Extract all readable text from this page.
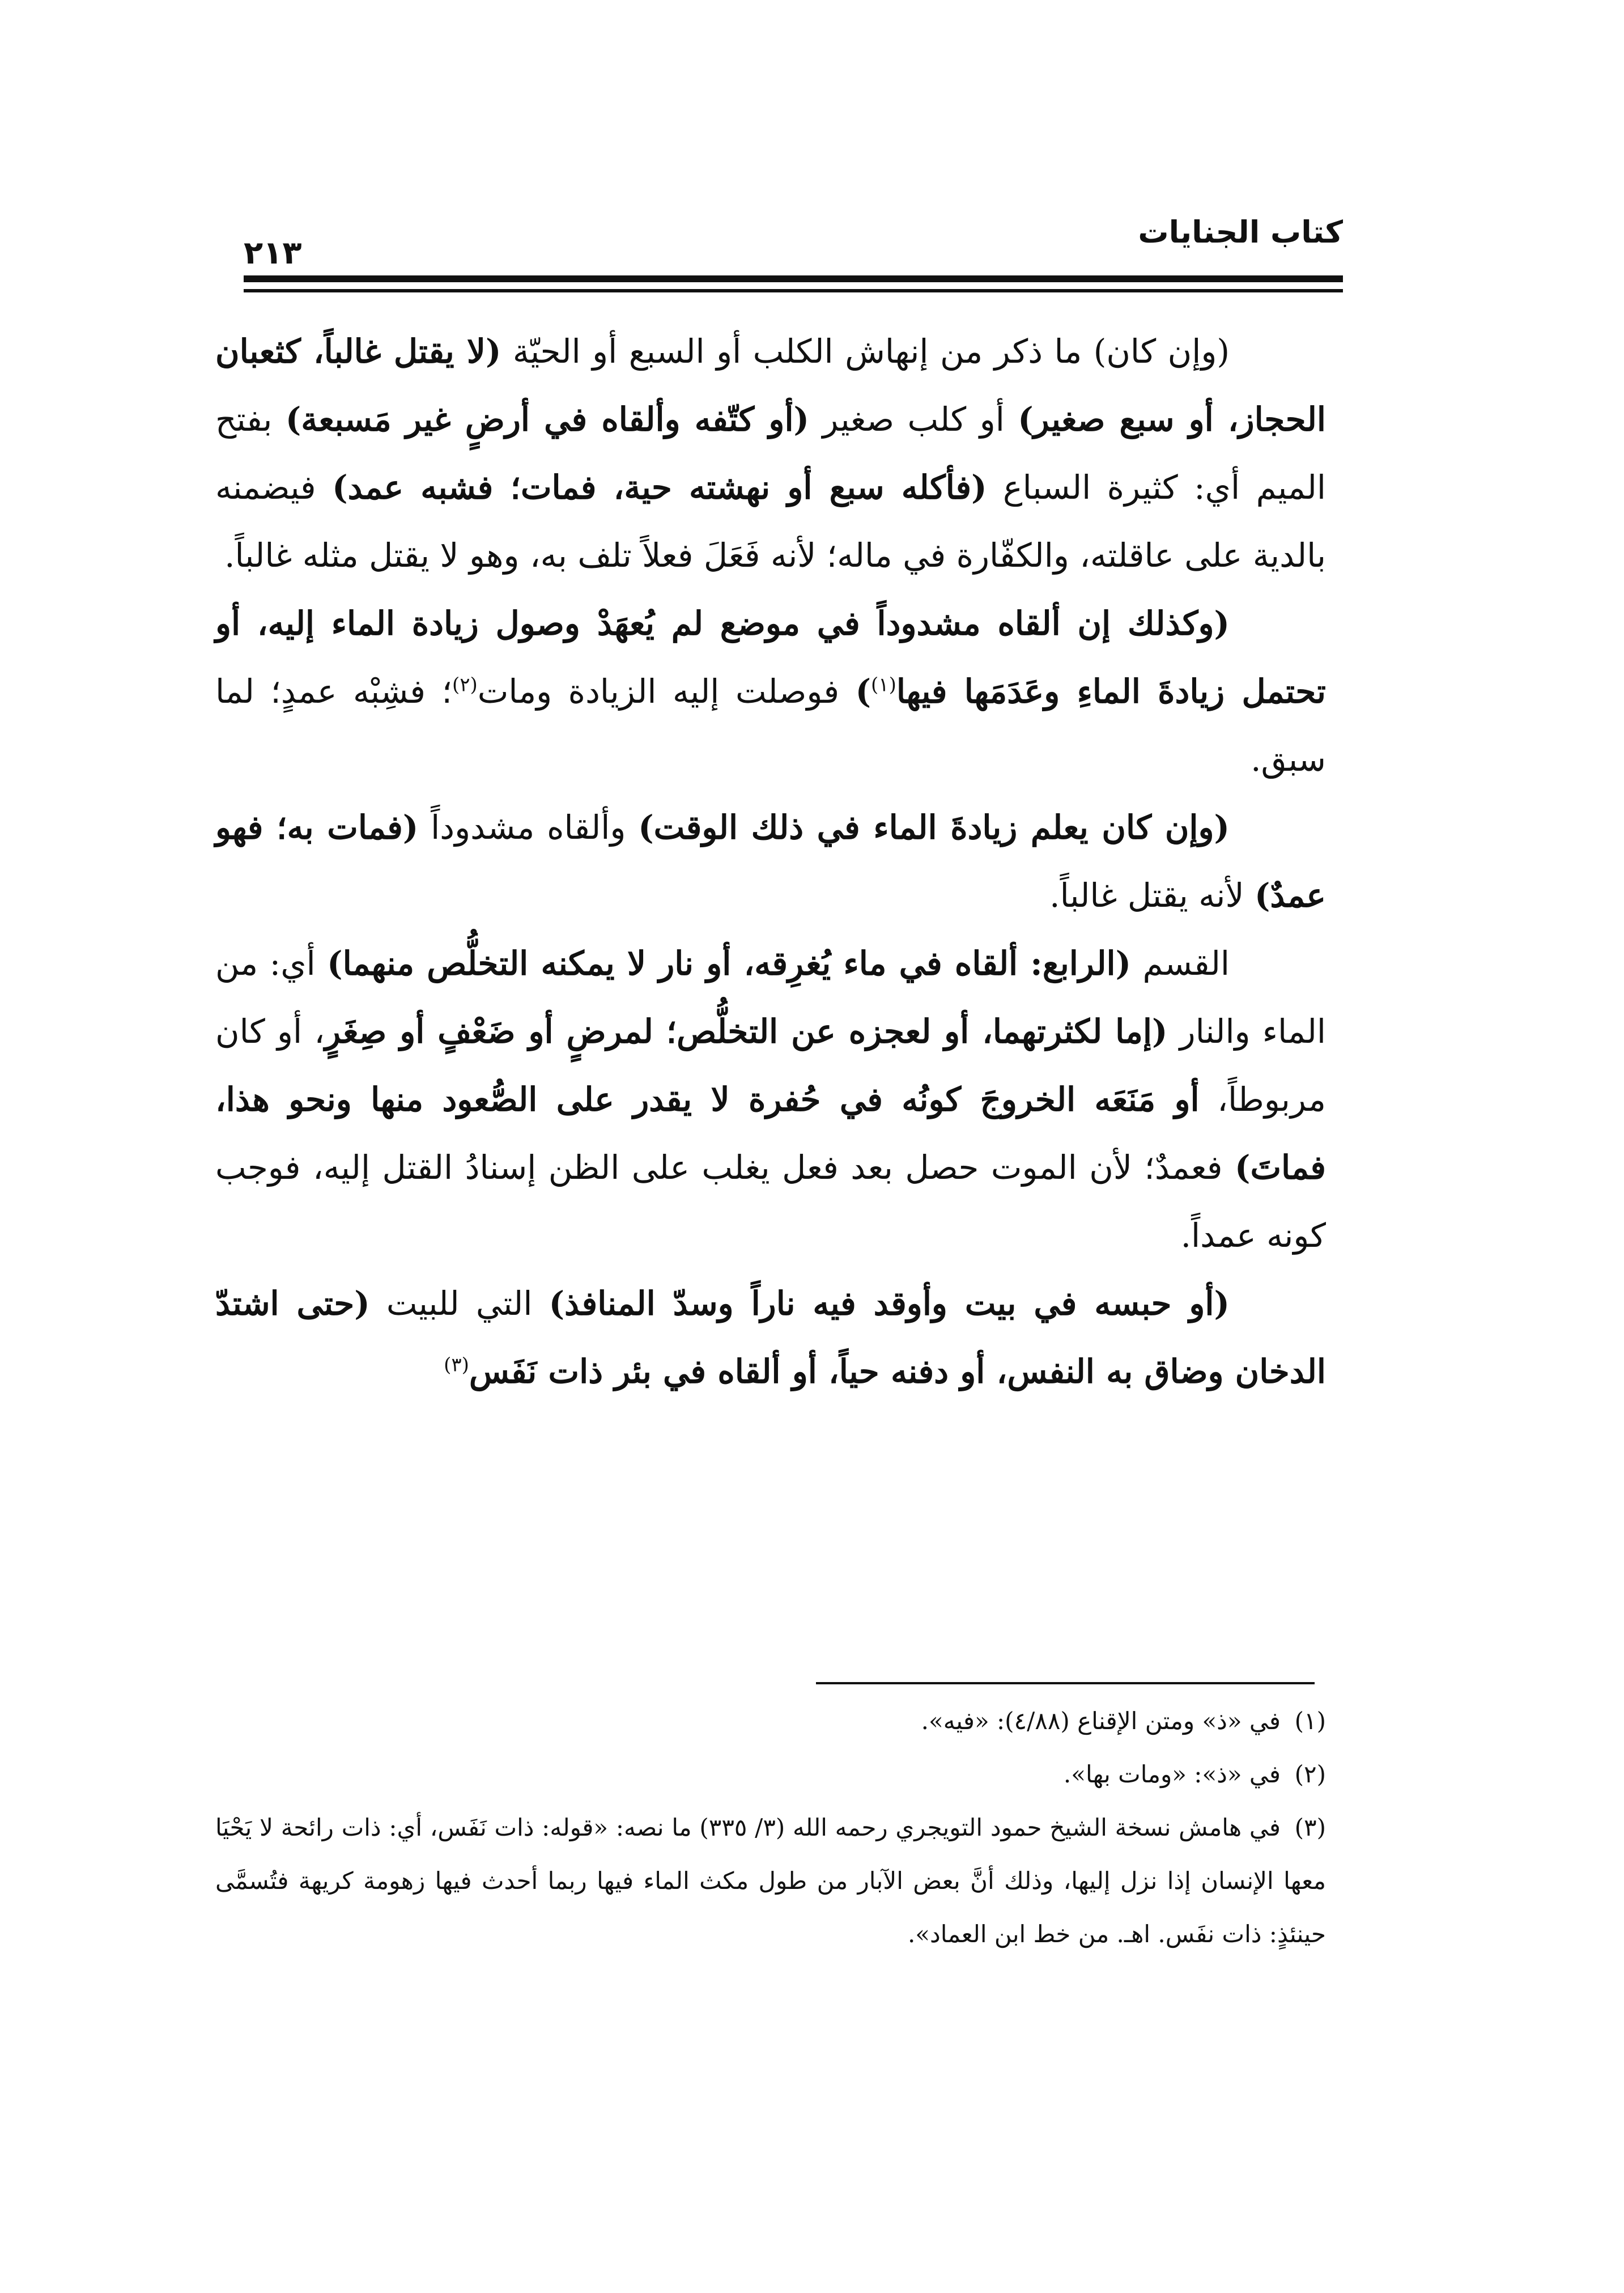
كتاب الجنايات
٢١٣

(وإن كان) ما ذكر من إنهاش الكلب أو السبع أو الحيّة (لا يقتل غالباً، كثعبان الحجاز، أو سبع صغير) أو كلب صغير (أو كتّفه وألقاه في أرضٍ غير مَسبعة) بفتح الميم أي: كثيرة السباع (فأكله سبع أو نهشته حية، فمات؛ فشبه عمد) فيضمنه بالدية على عاقلته، والكفّارة في ماله؛ لأنه فَعَلَ فعلاً تلف به، وهو لا يقتل مثله غالباً.

(وكذلك إن ألقاه مشدوداً في موضع لم يُعهَدْ وصول زيادة الماء إليه، أو تحتمل زيادةَ الماءِ وعَدَمَها فيها$^{(١)}$) فوصلت إليه الزيادة ومات$^{(٢)}$؛ فشِبْه عمدٍ؛ لما سبق.

(وإن كان يعلم زيادةَ الماء في ذلك الوقت) وألقاه مشدوداً (فمات به؛ فهو عمدٌ) لأنه يقتل غالباً.

القسم (الرابع: ألقاه في ماء يُغرِقه، أو نار لا يمكنه التخلُّص منهما) أي: من الماء والنار (إما لكثرتهما، أو لعجزه عن التخلُّص؛ لمرضٍ أو ضَعْفٍ أو صِغَرٍ، أو كان مربوطاً، أو مَنَعَه الخروجَ كونُه في حُفرة لا يقدر على الصُّعود منها ونحو هذا، فماتَ) فعمدٌ؛ لأن الموت حصل بعد فعل يغلب على الظن إسنادُ القتل إليه، فوجب كونه عمداً.

(أو حبسه في بيت وأوقد فيه ناراً وسدّ المنافذ) التي للبيت (حتى اشتدّ الدخان وضاق به النفس، أو دفنه حياً، أو ألقاه في بئر ذات نَفَس$^{(٣)}$

(١)في «ذ» ومتن الإقناع (٤/٨٨): «فيه».

(٢)في «ذ»: «ومات بها».

(٣)في هامش نسخة الشيخ حمود التويجري رحمه الله (٣/ ٣٣٥) ما نصه: «قوله: ذات نَفَس، أي: ذات رائحة لا يَحْيَا معها الإنسان إذا نزل إليها، وذلك أنَّ بعض الآبار من طول مكث الماء فيها ربما أحدث فيها زهومة كريهة فتُسمَّى حينئذٍ: ذات نفَس. اهـ. من خط ابن العماد».
